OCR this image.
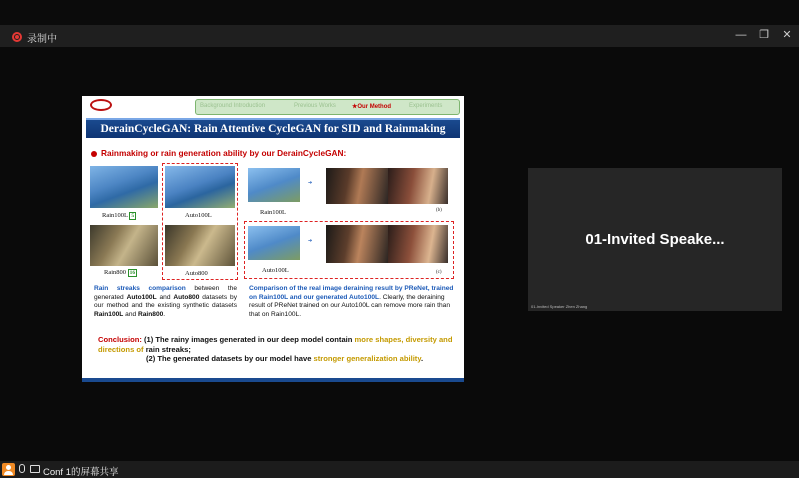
录制中	— ❐ ✕
Background Introduction	Previous Works	★Our Method	Experiments
DerainCycleGAN: Rain Attentive CycleGAN for SID and Rainmaking
Rainmaking or rain generation ability by our DerainCycleGAN:
Rain100L 5	Auto100L
Rain800 16	Auto800
➔
Rain100L	(b)
➔
Auto100L	(c)
Rain streaks comparison between the generated Auto100L and Auto800 datasets by our method and the existing synthetic datasets Rain100L and Rain800.
Comparison of the real image deraining result by PReNet, trained on Rain100L and our generated Auto100L. Clearly, the deraining result of PReNet trained on our Auto100L can remove more rain than that on Rain100L.
Conclusion: (1) The rainy images generated in our deep model contain more shapes, diversity and directions of rain streaks;
(2) The generated datasets by our model have stronger generalization ability.
01-Invited Speake...
01-Invited Speaker Zhen Zhang
Conf 1的屏幕共享
